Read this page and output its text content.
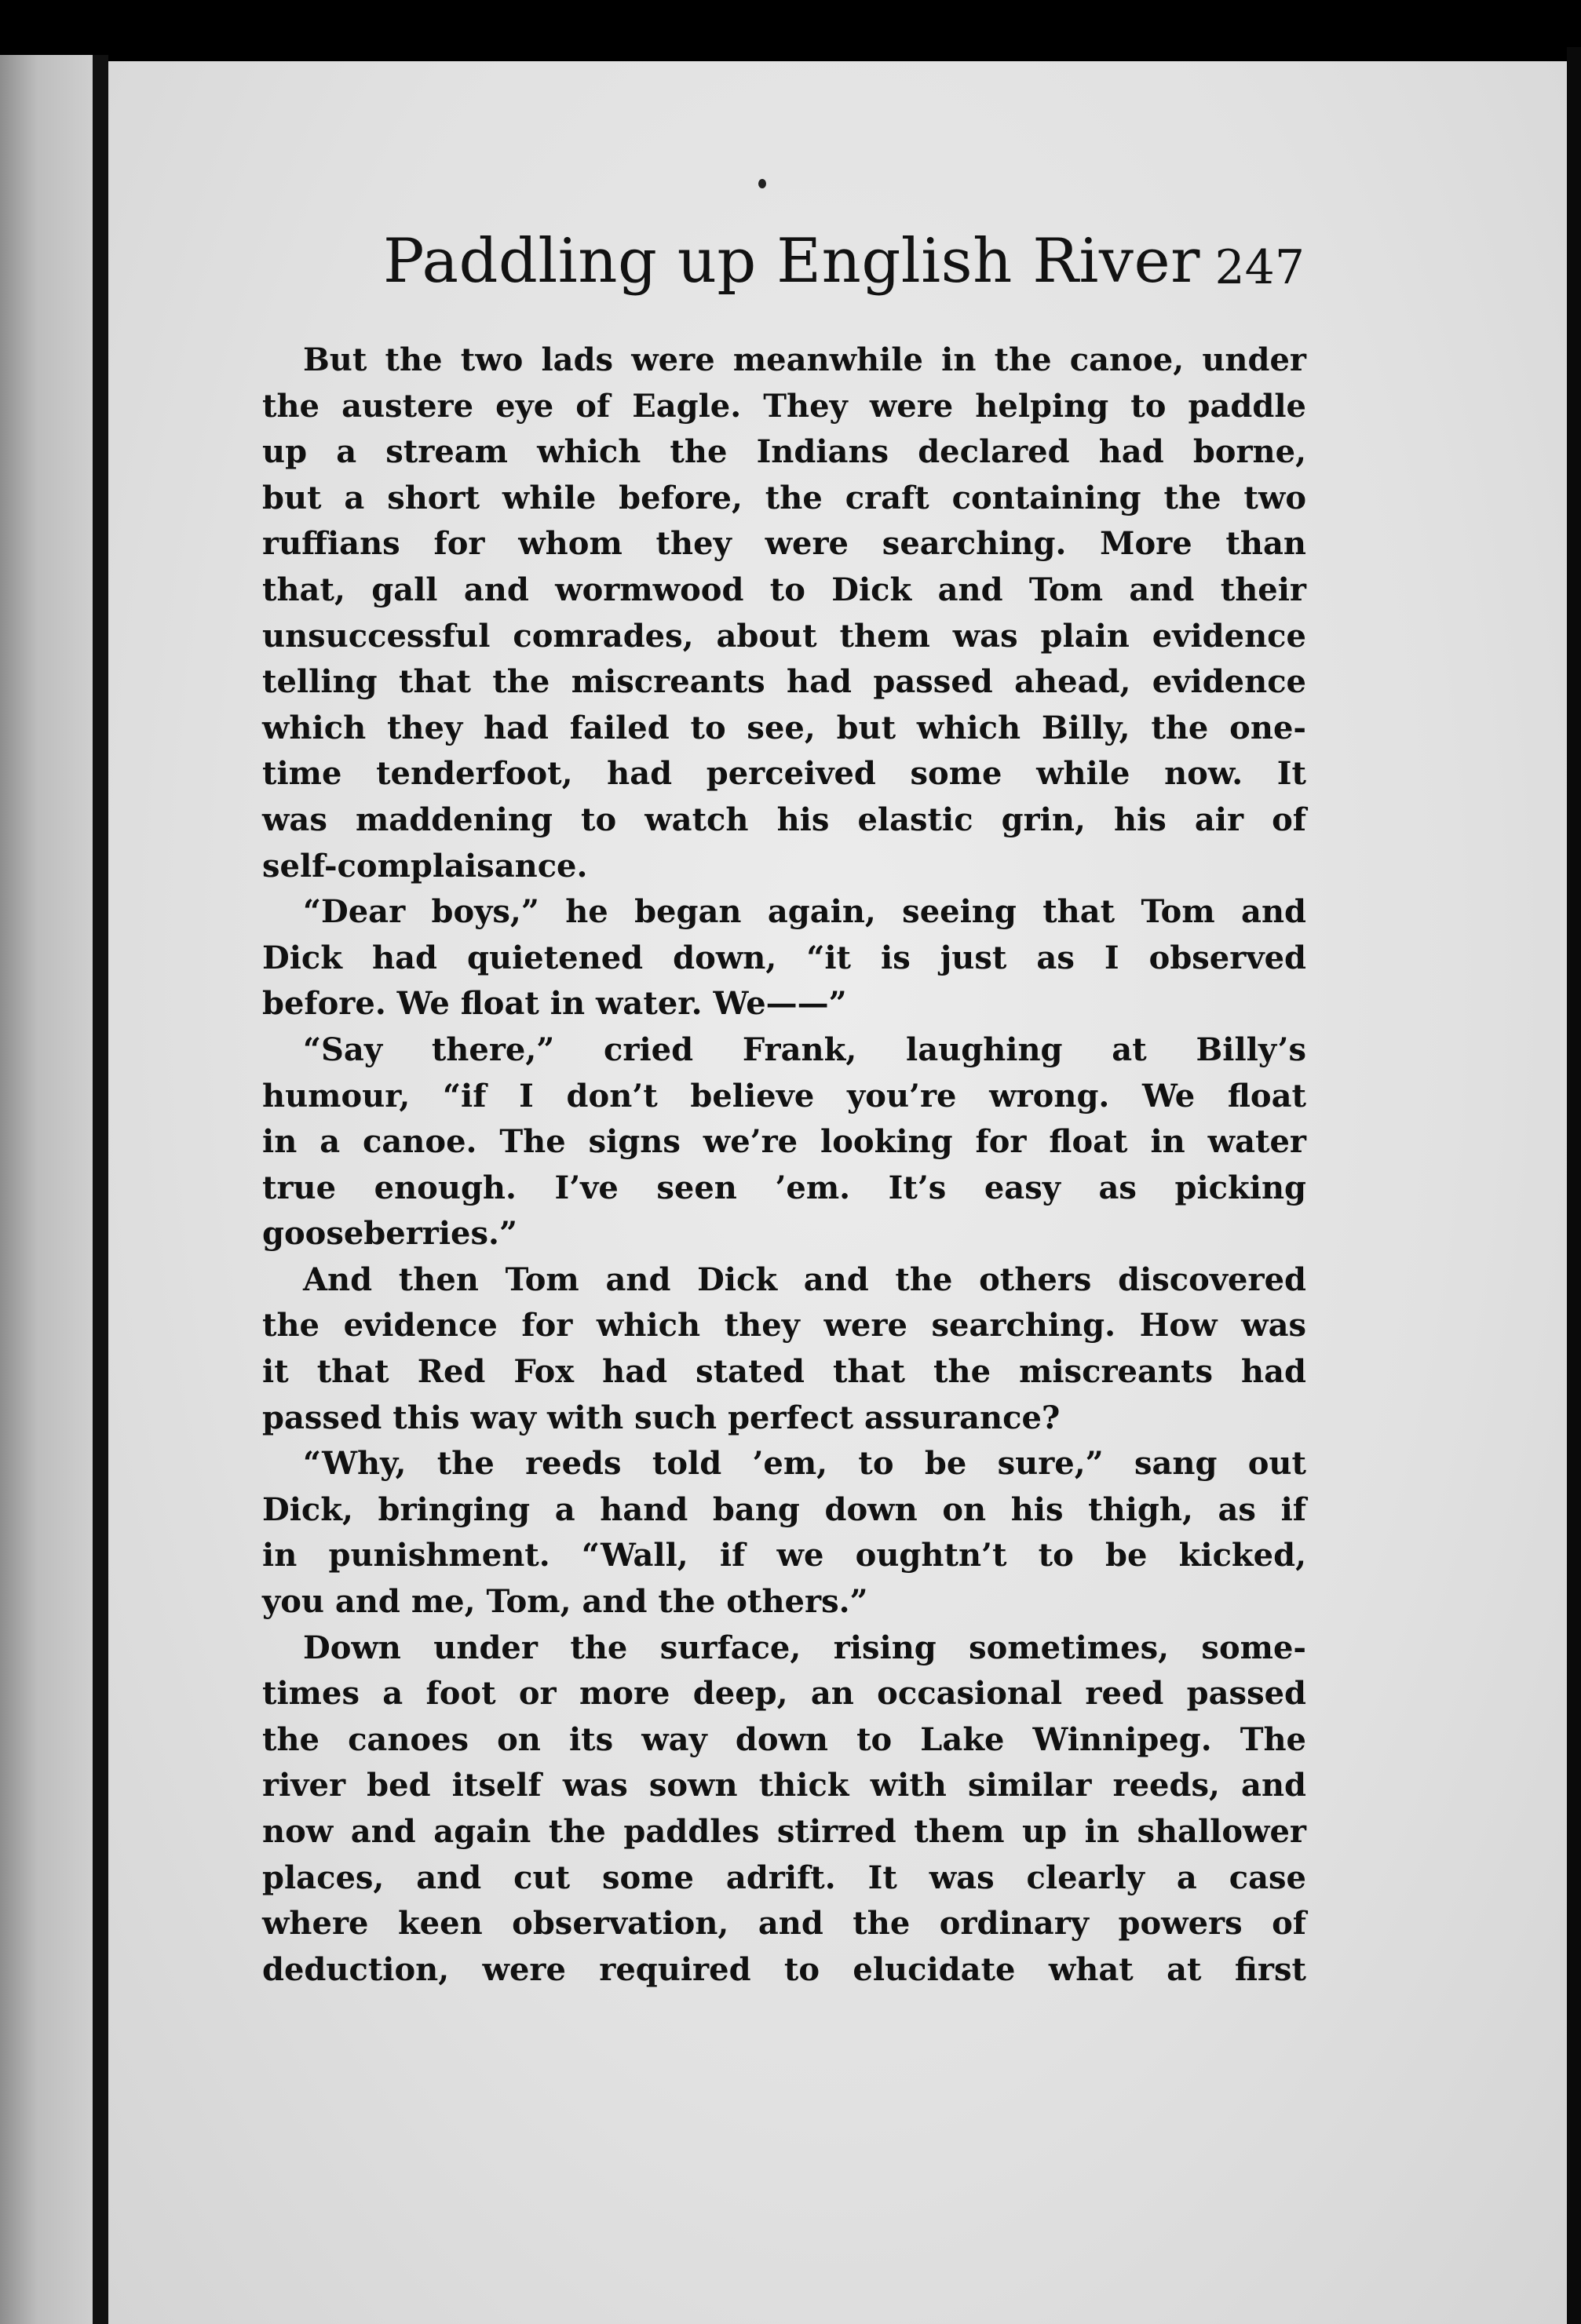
Paddling up English River 247
But the two lads were meanwhile in the canoe, under
the austere eye of Eagle. They were helping to paddle
up a stream which the Indians declared had borne,
but a short while before, the craft containing the two
ruffians for whom they were searching. More than
that, gall and wormwood to Dick and Tom and their
unsuccessful comrades, about them was plain evidence
telling that the miscreants had passed ahead, evidence
which they had failed to see, but which Billy, the one-
time tenderfoot, had perceived some while now. It
was maddening to watch his elastic grin, his air of
self-complaisance.
“Dear boys,” he began again, seeing that Tom and
Dick had quietened down, “it is just as I observed
before. We float in water. We——”
“Say there,” cried Frank, laughing at Billy’s
humour, “if I don’t believe you’re wrong. We float
in a canoe. The signs we’re looking for float in water
true enough. I’ve seen ’em. It’s easy as picking
gooseberries.”
And then Tom and Dick and the others discovered
the evidence for which they were searching. How was
it that Red Fox had stated that the miscreants had
passed this way with such perfect assurance?
“Why, the reeds told ’em, to be sure,” sang out
Dick, bringing a hand bang down on his thigh, as if
in punishment. “Wall, if we oughtn’t to be kicked,
you and me, Tom, and the others.”
Down under the surface, rising sometimes, some-
times a foot or more deep, an occasional reed passed
the canoes on its way down to Lake Winnipeg. The
river bed itself was sown thick with similar reeds, and
now and again the paddles stirred them up in shallower
places, and cut some adrift. It was clearly a case
where keen observation, and the ordinary powers of
deduction, were required to elucidate what at first
